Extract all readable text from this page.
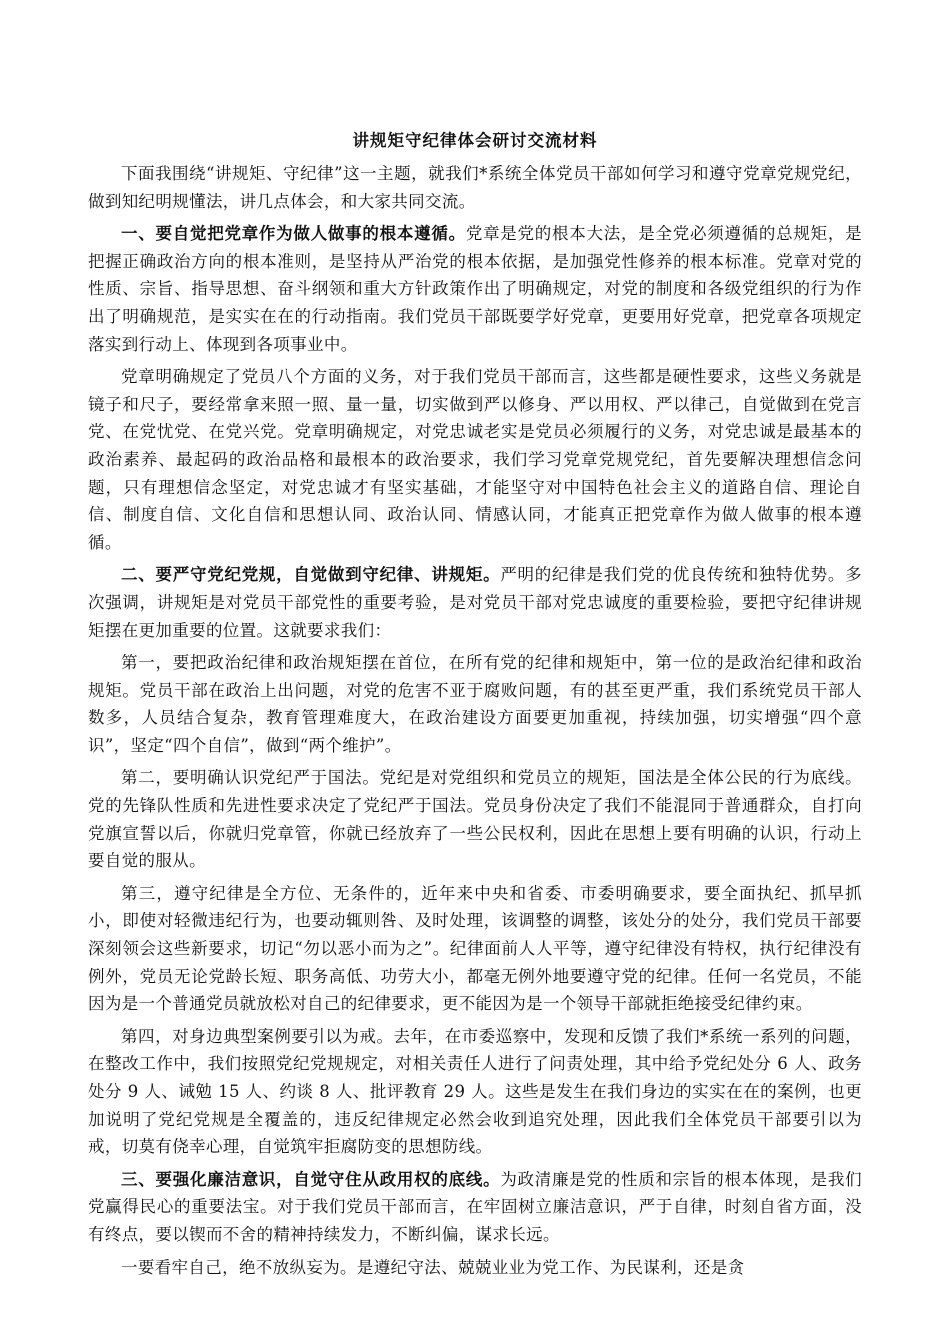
讲规矩守纪律体会研讨交流材料

下面我围绕“讲规矩、守纪律”这一主题，就我们*系统全体党员干部如何学习和遵守党章党规党纪，做到知纪明规懂法，讲几点体会，和大家共同交流。

一、要自觉把党章作为做人做事的根本遵循。党章是党的根本大法，是全党必须遵循的总规矩，是把握正确政治方向的根本准则，是坚持从严治党的根本依据，是加强党性修养的根本标准。党章对党的性质、宗旨、指导思想、奋斗纲领和重大方针政策作出了明确规定，对党的制度和各级党组织的行为作出了明确规范，是实实在在的行动指南。我们党员干部既要学好党章，更要用好党章，把党章各项规定落实到行动上、体现到各项事业中。

党章明确规定了党员八个方面的义务，对于我们党员干部而言，这些都是硬性要求，这些义务就是镜子和尺子，要经常拿来照一照、量一量，切实做到严以修身、严以用权、严以律己，自觉做到在党言党、在党忧党、在党兴党。党章明确规定，对党忠诚老实是党员必须履行的义务，对党忠诚是最基本的政治素养、最起码的政治品格和最根本的政治要求，我们学习党章党规党纪，首先要解决理想信念问题，只有理想信念坚定，对党忠诚才有坚实基础，才能坚守对中国特色社会主义的道路自信、理论自信、制度自信、文化自信和思想认同、政治认同、情感认同，才能真正把党章作为做人做事的根本遵循。

二、要严守党纪党规，自觉做到守纪律、讲规矩。严明的纪律是我们党的优良传统和独特优势。多次强调，讲规矩是对党员干部党性的重要考验，是对党员干部对党忠诚度的重要检验，要把守纪律讲规矩摆在更加重要的位置。这就要求我们：

第一，要把政治纪律和政治规矩摆在首位，在所有党的纪律和规矩中，第一位的是政治纪律和政治规矩。党员干部在政治上出问题，对党的危害不亚于腐败问题，有的甚至更严重，我们系统党员干部人数多，人员结合复杂，教育管理难度大，在政治建设方面要更加重视，持续加强，切实增强“四个意识”，坚定“四个自信”，做到“两个维护”。

第二，要明确认识党纪严于国法。党纪是对党组织和党员立的规矩，国法是全体公民的行为底线。党的先锋队性质和先进性要求决定了党纪严于国法。党员身份决定了我们不能混同于普通群众，自打向党旗宣誓以后，你就归党章管，你就已经放弃了一些公民权利，因此在思想上要有明确的认识，行动上要自觉的服从。

第三，遵守纪律是全方位、无条件的，近年来中央和省委、市委明确要求，要全面执纪、抓早抓小，即使对轻微违纪行为，也要动辄则咎、及时处理，该调整的调整，该处分的处分，我们党员干部要深刻领会这些新要求，切记“勿以恶小而为之”。纪律面前人人平等，遵守纪律没有特权，执行纪律没有例外，党员无论党龄长短、职务高低、功劳大小，都毫无例外地要遵守党的纪律。任何一名党员，不能因为是一个普通党员就放松对自己的纪律要求，更不能因为是一个领导干部就拒绝接受纪律约束。

第四，对身边典型案例要引以为戒。去年，在市委巡察中，发现和反馈了我们*系统一系列的问题，在整改工作中，我们按照党纪党规规定，对相关责任人进行了问责处理，其中给予党纪处分 6 人、政务处分 9 人、诫勉 15 人、约谈 8 人、批评教育 29 人。这些是发生在我们身边的实实在在的案例，也更加说明了党纪党规是全覆盖的，违反纪律规定必然会收到追究处理，因此我们全体党员干部要引以为戒，切莫有侥幸心理，自觉筑牢拒腐防变的思想防线。

三、要强化廉洁意识，自觉守住从政用权的底线。为政清廉是党的性质和宗旨的根本体现，是我们党赢得民心的重要法宝。对于我们党员干部而言，在牢固树立廉洁意识，严于自律，时刻自省方面，没有终点，要以锲而不舍的精神持续发力，不断纠偏，谋求长远。

一要看牢自己，绝不放纵妄为。是遵纪守法、兢兢业业为党工作、为民谋利，还是贪
